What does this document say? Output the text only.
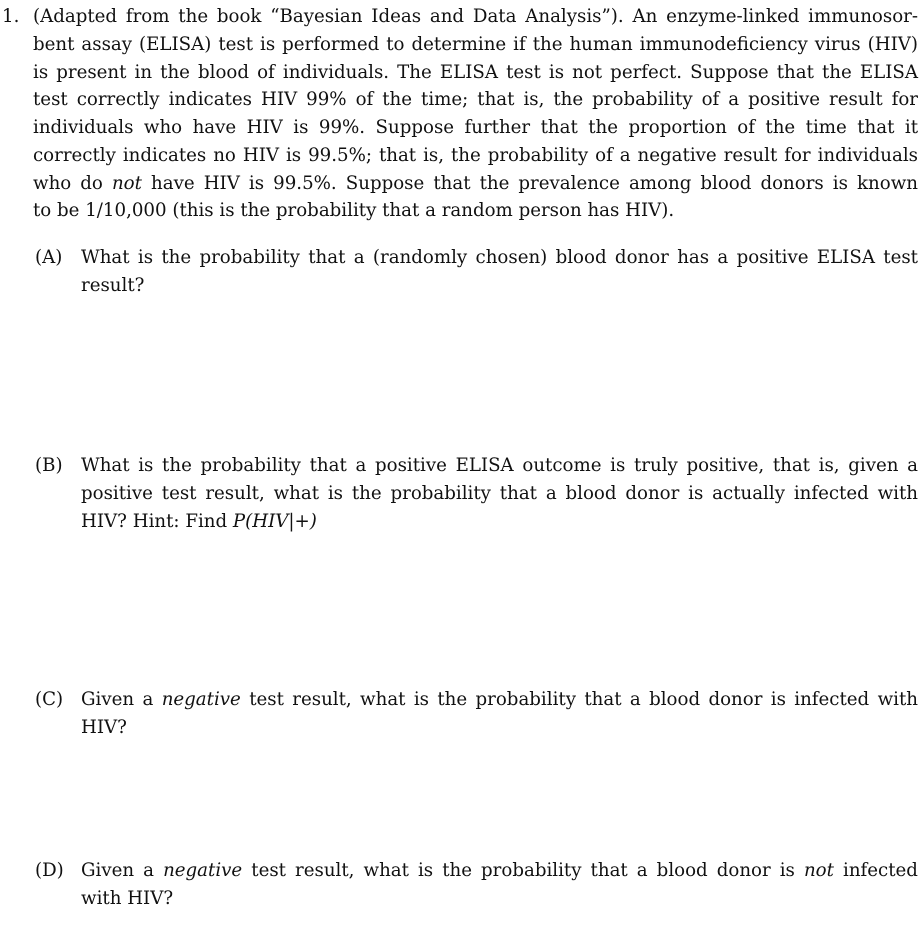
1. (Adapted from the book “Bayesian Ideas and Data Analysis”). An enzyme-linked immunosor-
bent assay (ELISA) test is performed to determine if the human immunodeficiency virus (HIV)
is present in the blood of individuals. The ELISA test is not perfect. Suppose that the ELISA
test correctly indicates HIV 99% of the time; that is, the probability of a positive result for
individuals who have HIV is 99%. Suppose further that the proportion of the time that it
correctly indicates no HIV is 99.5%; that is, the probability of a negative result for individuals
who do not have HIV is 99.5%. Suppose that the prevalence among blood donors is known
to be 1/10,000 (this is the probability that a random person has HIV).
(A) What is the probability that a (randomly chosen) blood donor has a positive ELISA test
result?
(B) What is the probability that a positive ELISA outcome is truly positive, that is, given a
positive test result, what is the probability that a blood donor is actually infected with
HIV? Hint: Find P(HIV|+)
(C) Given a negative test result, what is the probability that a blood donor is infected with
HIV?
(D) Given a negative test result, what is the probability that a blood donor is not infected
with HIV?
